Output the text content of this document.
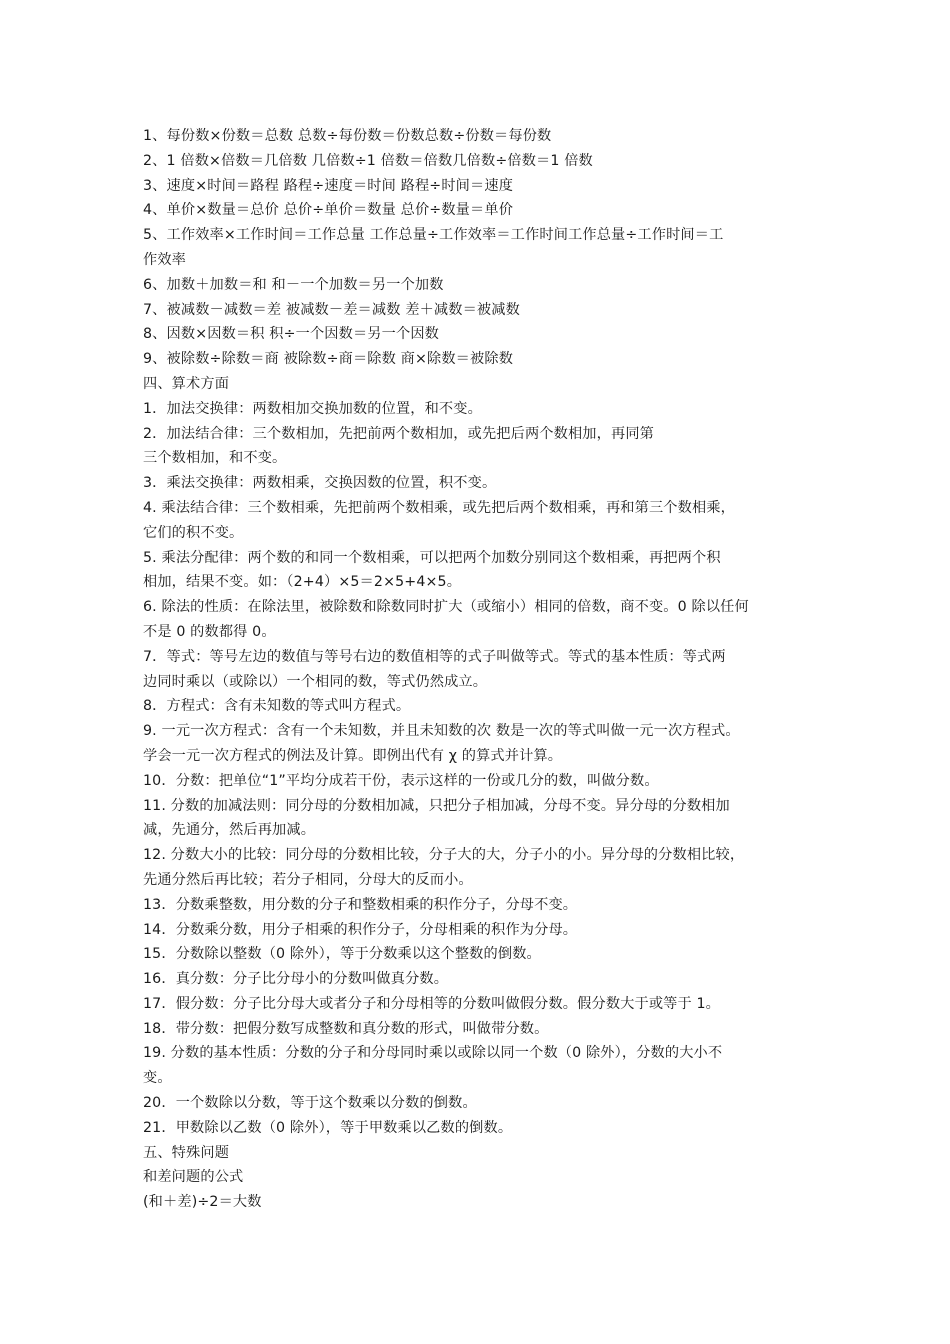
1、每份数×份数＝总数 总数÷每份数＝份数总数÷份数＝每份数
2、1 倍数×倍数＝几倍数 几倍数÷1 倍数＝倍数几倍数÷倍数＝1 倍数
3、速度×时间＝路程 路程÷速度＝时间 路程÷时间＝速度
4、单价×数量＝总价 总价÷单价＝数量 总价÷数量＝单价
5、工作效率×工作时间＝工作总量 工作总量÷工作效率＝工作时间工作总量÷工作时间＝工
作效率
6、加数＋加数＝和 和－一个加数＝另一个加数
7、被减数－减数＝差 被减数－差＝减数 差＋减数＝被减数
8、因数×因数＝积 积÷一个因数＝另一个因数
9、被除数÷除数＝商 被除数÷商＝除数 商×除数＝被除数
四、算术方面
1．加法交换律：两数相加交换加数的位置，和不变。
2．加法结合律：三个数相加，先把前两个数相加，或先把后两个数相加，再同第
三个数相加，和不变。
3．乘法交换律：两数相乘，交换因数的位置，积不变。
4. 乘法结合律：三个数相乘，先把前两个数相乘，或先把后两个数相乘，再和第三个数相乘，
它们的积不变。
5. 乘法分配律：两个数的和同一个数相乘，可以把两个加数分别同这个数相乘，再把两个积
相加，结果不变。如：（2+4）×5＝2×5+4×5。
6. 除法的性质：在除法里，被除数和除数同时扩大（或缩小）相同的倍数，商不变。0 除以任何
不是 0 的数都得 0。
7．等式：等号左边的数值与等号右边的数值相等的式子叫做等式。等式的基本性质：等式两
边同时乘以（或除以）一个相同的数，等式仍然成立。
8．方程式：含有未知数的等式叫方程式。
9. 一元一次方程式：含有一个未知数，并且未知数的次 数是一次的等式叫做一元一次方程式。
学会一元一次方程式的例法及计算。即例出代有 χ 的算式并计算。
10．分数：把单位“1”平均分成若干份，表示这样的一份或几分的数，叫做分数。
11. 分数的加减法则：同分母的分数相加减，只把分子相加减，分母不变。异分母的分数相加
减，先通分，然后再加减。
12. 分数大小的比较：同分母的分数相比较，分子大的大，分子小的小。异分母的分数相比较，
先通分然后再比较；若分子相同，分母大的反而小。
13．分数乘整数，用分数的分子和整数相乘的积作分子，分母不变。
14．分数乘分数，用分子相乘的积作分子，分母相乘的积作为分母。
15．分数除以整数（0 除外），等于分数乘以这个整数的倒数。
16．真分数：分子比分母小的分数叫做真分数。
17．假分数：分子比分母大或者分子和分母相等的分数叫做假分数。假分数大于或等于 1。
18．带分数：把假分数写成整数和真分数的形式，叫做带分数。
19. 分数的基本性质：分数的分子和分母同时乘以或除以同一个数（0 除外），分数的大小不
变。
20．一个数除以分数，等于这个数乘以分数的倒数。
21．甲数除以乙数（0 除外），等于甲数乘以乙数的倒数。
五、特殊问题
和差问题的公式
(和＋差)÷2＝大数
